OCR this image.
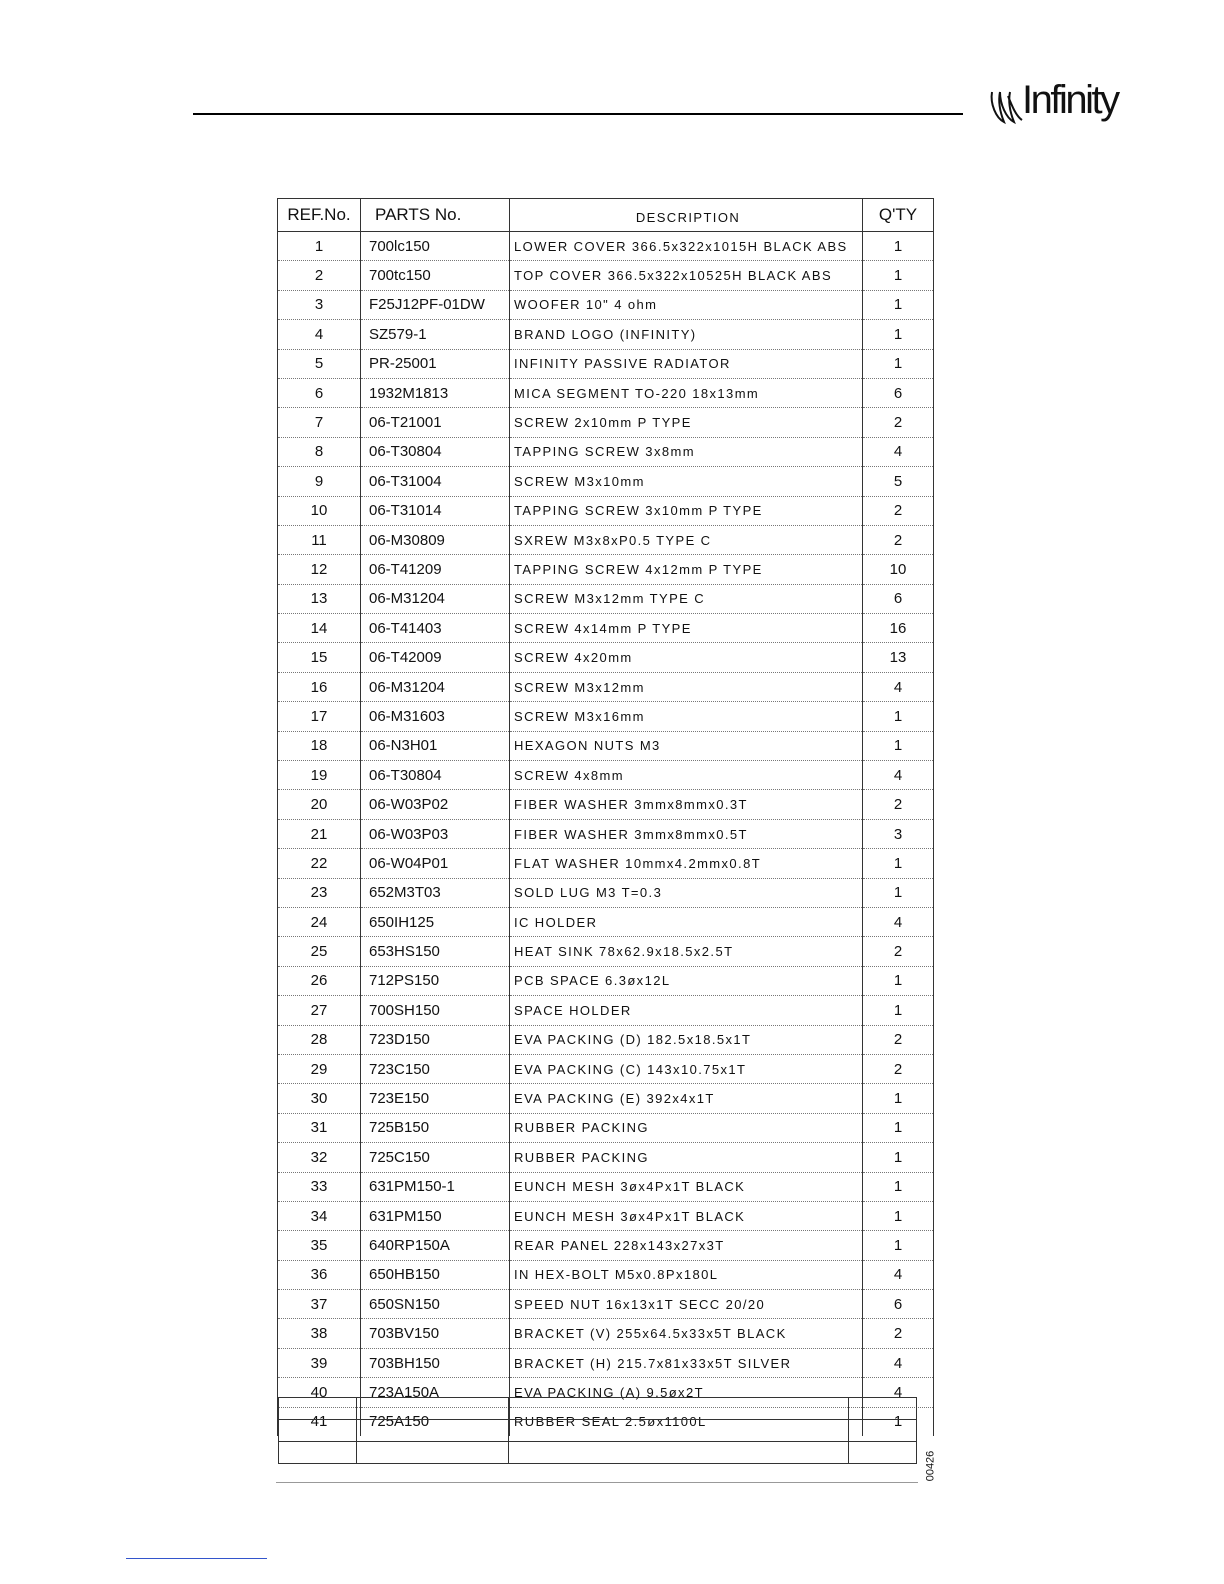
Infinity
REF.No.	PARTS No.	DESCRIPTION	Q'TY
1	700lc150	LOWER COVER 366.5x322x1015H BLACK ABS	1
2	700tc150	TOP COVER 366.5x322x10525H BLACK ABS	1
3	F25J12PF-01DW	WOOFER 10" 4 ohm	1
4	SZ579-1	BRAND LOGO (INFINITY)	1
5	PR-25001	INFINITY PASSIVE RADIATOR	1
6	1932M1813	MICA SEGMENT TO-220 18x13mm	6
7	06-T21001	SCREW 2x10mm P TYPE	2
8	06-T30804	TAPPING SCREW 3x8mm	4
9	06-T31004	SCREW M3x10mm	5
10	06-T31014	TAPPING SCREW 3x10mm P TYPE	2
11	06-M30809	SXREW M3x8xP0.5 TYPE C	2
12	06-T41209	TAPPING SCREW 4x12mm P TYPE	10
13	06-M31204	SCREW M3x12mm TYPE C	6
14	06-T41403	SCREW 4x14mm P TYPE	16
15	06-T42009	SCREW 4x20mm	13
16	06-M31204	SCREW M3x12mm	4
17	06-M31603	SCREW M3x16mm	1
18	06-N3H01	HEXAGON NUTS M3	1
19	06-T30804	SCREW 4x8mm	4
20	06-W03P02	FIBER WASHER 3mmx8mmx0.3T	2
21	06-W03P03	FIBER WASHER 3mmx8mmx0.5T	3
22	06-W04P01	FLAT WASHER 10mmx4.2mmx0.8T	1
23	652M3T03	SOLD LUG M3 T=0.3	1
24	650IH125	IC HOLDER	4
25	653HS150	HEAT SINK 78x62.9x18.5x2.5T	2
26	712PS150	PCB SPACE 6.3øx12L	1
27	700SH150	SPACE HOLDER	1
28	723D150	EVA PACKING (D) 182.5x18.5x1T	2
29	723C150	EVA PACKING (C) 143x10.75x1T	2
30	723E150	EVA PACKING (E) 392x4x1T	1
31	725B150	RUBBER PACKING	1
32	725C150	RUBBER PACKING	1
33	631PM150-1	EUNCH MESH 3øx4Px1T BLACK	1
34	631PM150	EUNCH MESH 3øx4Px1T BLACK	1
35	640RP150A	REAR PANEL 228x143x27x3T	1
36	650HB150	IN HEX-BOLT M5x0.8Px180L	4
37	650SN150	SPEED NUT 16x13x1T SECC 20/20	6
38	703BV150	BRACKET (V) 255x64.5x33x5T BLACK	2
39	703BH150	BRACKET (H) 215.7x81x33x5T SILVER	4
40	723A150A	EVA PACKING (A) 9.5øx2T	4
41	725A150	RUBBER SEAL 2.5øx1100L	1

00426
